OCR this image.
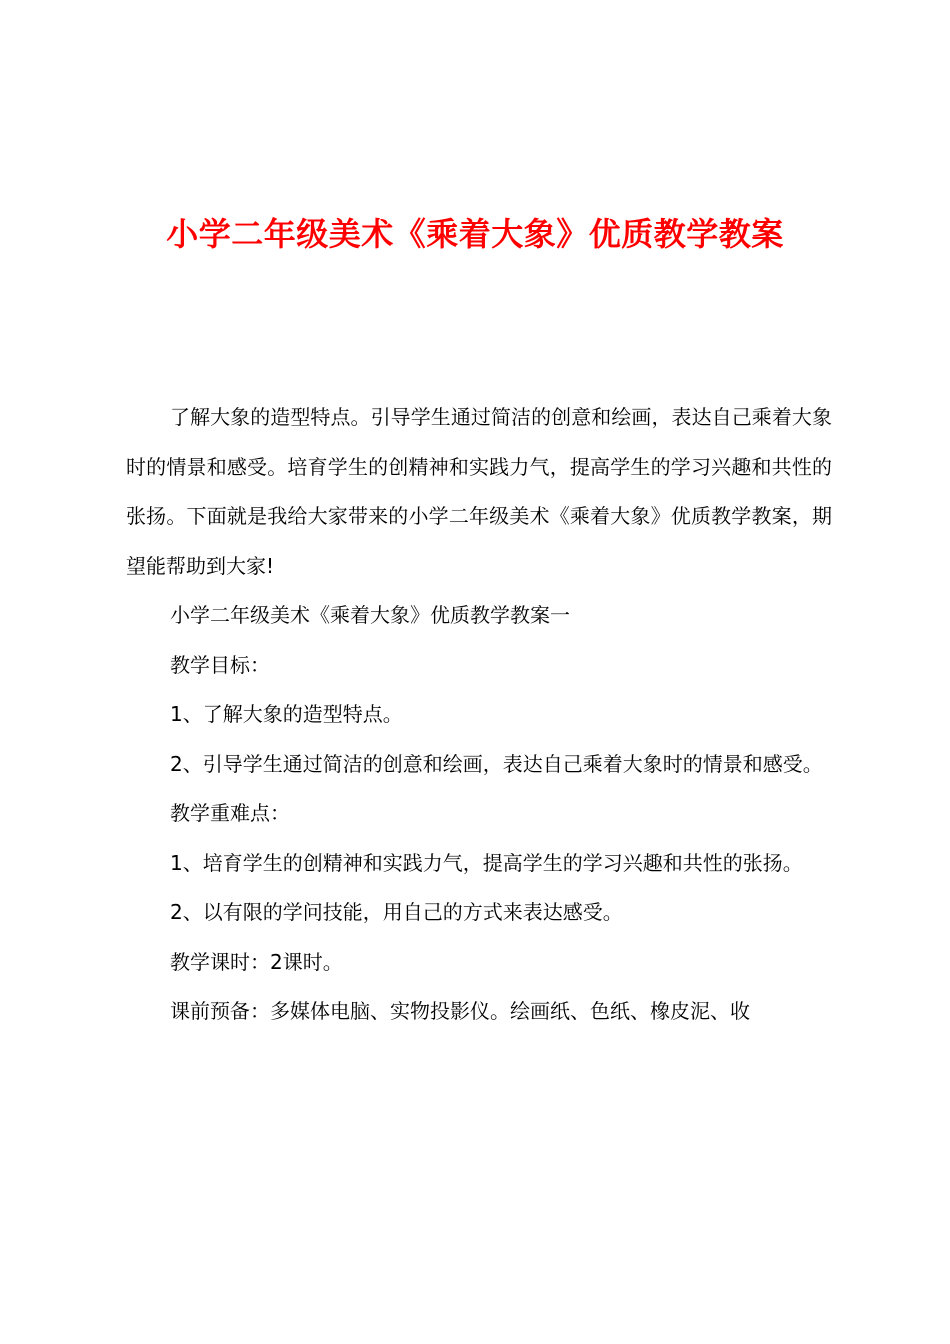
小学二年级美术《乘着大象》优质教学教案

了解大象的造型特点。引导学生通过简洁的创意和绘画，表达自己乘着大象时的情景和感受。培育学生的创精神和实践力气，提高学生的学习兴趣和共性的张扬。下面就是我给大家带来的小学二年级美术《乘着大象》优质教学教案，期望能帮助到大家!

小学二年级美术《乘着大象》优质教学教案一

教学目标：

1、了解大象的造型特点。

2、引导学生通过简洁的创意和绘画，表达自己乘着大象时的情景和感受。

教学重难点：

1、培育学生的创精神和实践力气，提高学生的学习兴趣和共性的张扬。

2、以有限的学问技能，用自己的方式来表达感受。

教学课时：2课时。

课前预备：多媒体电脑、实物投影仪。绘画纸、色纸、橡皮泥、收
